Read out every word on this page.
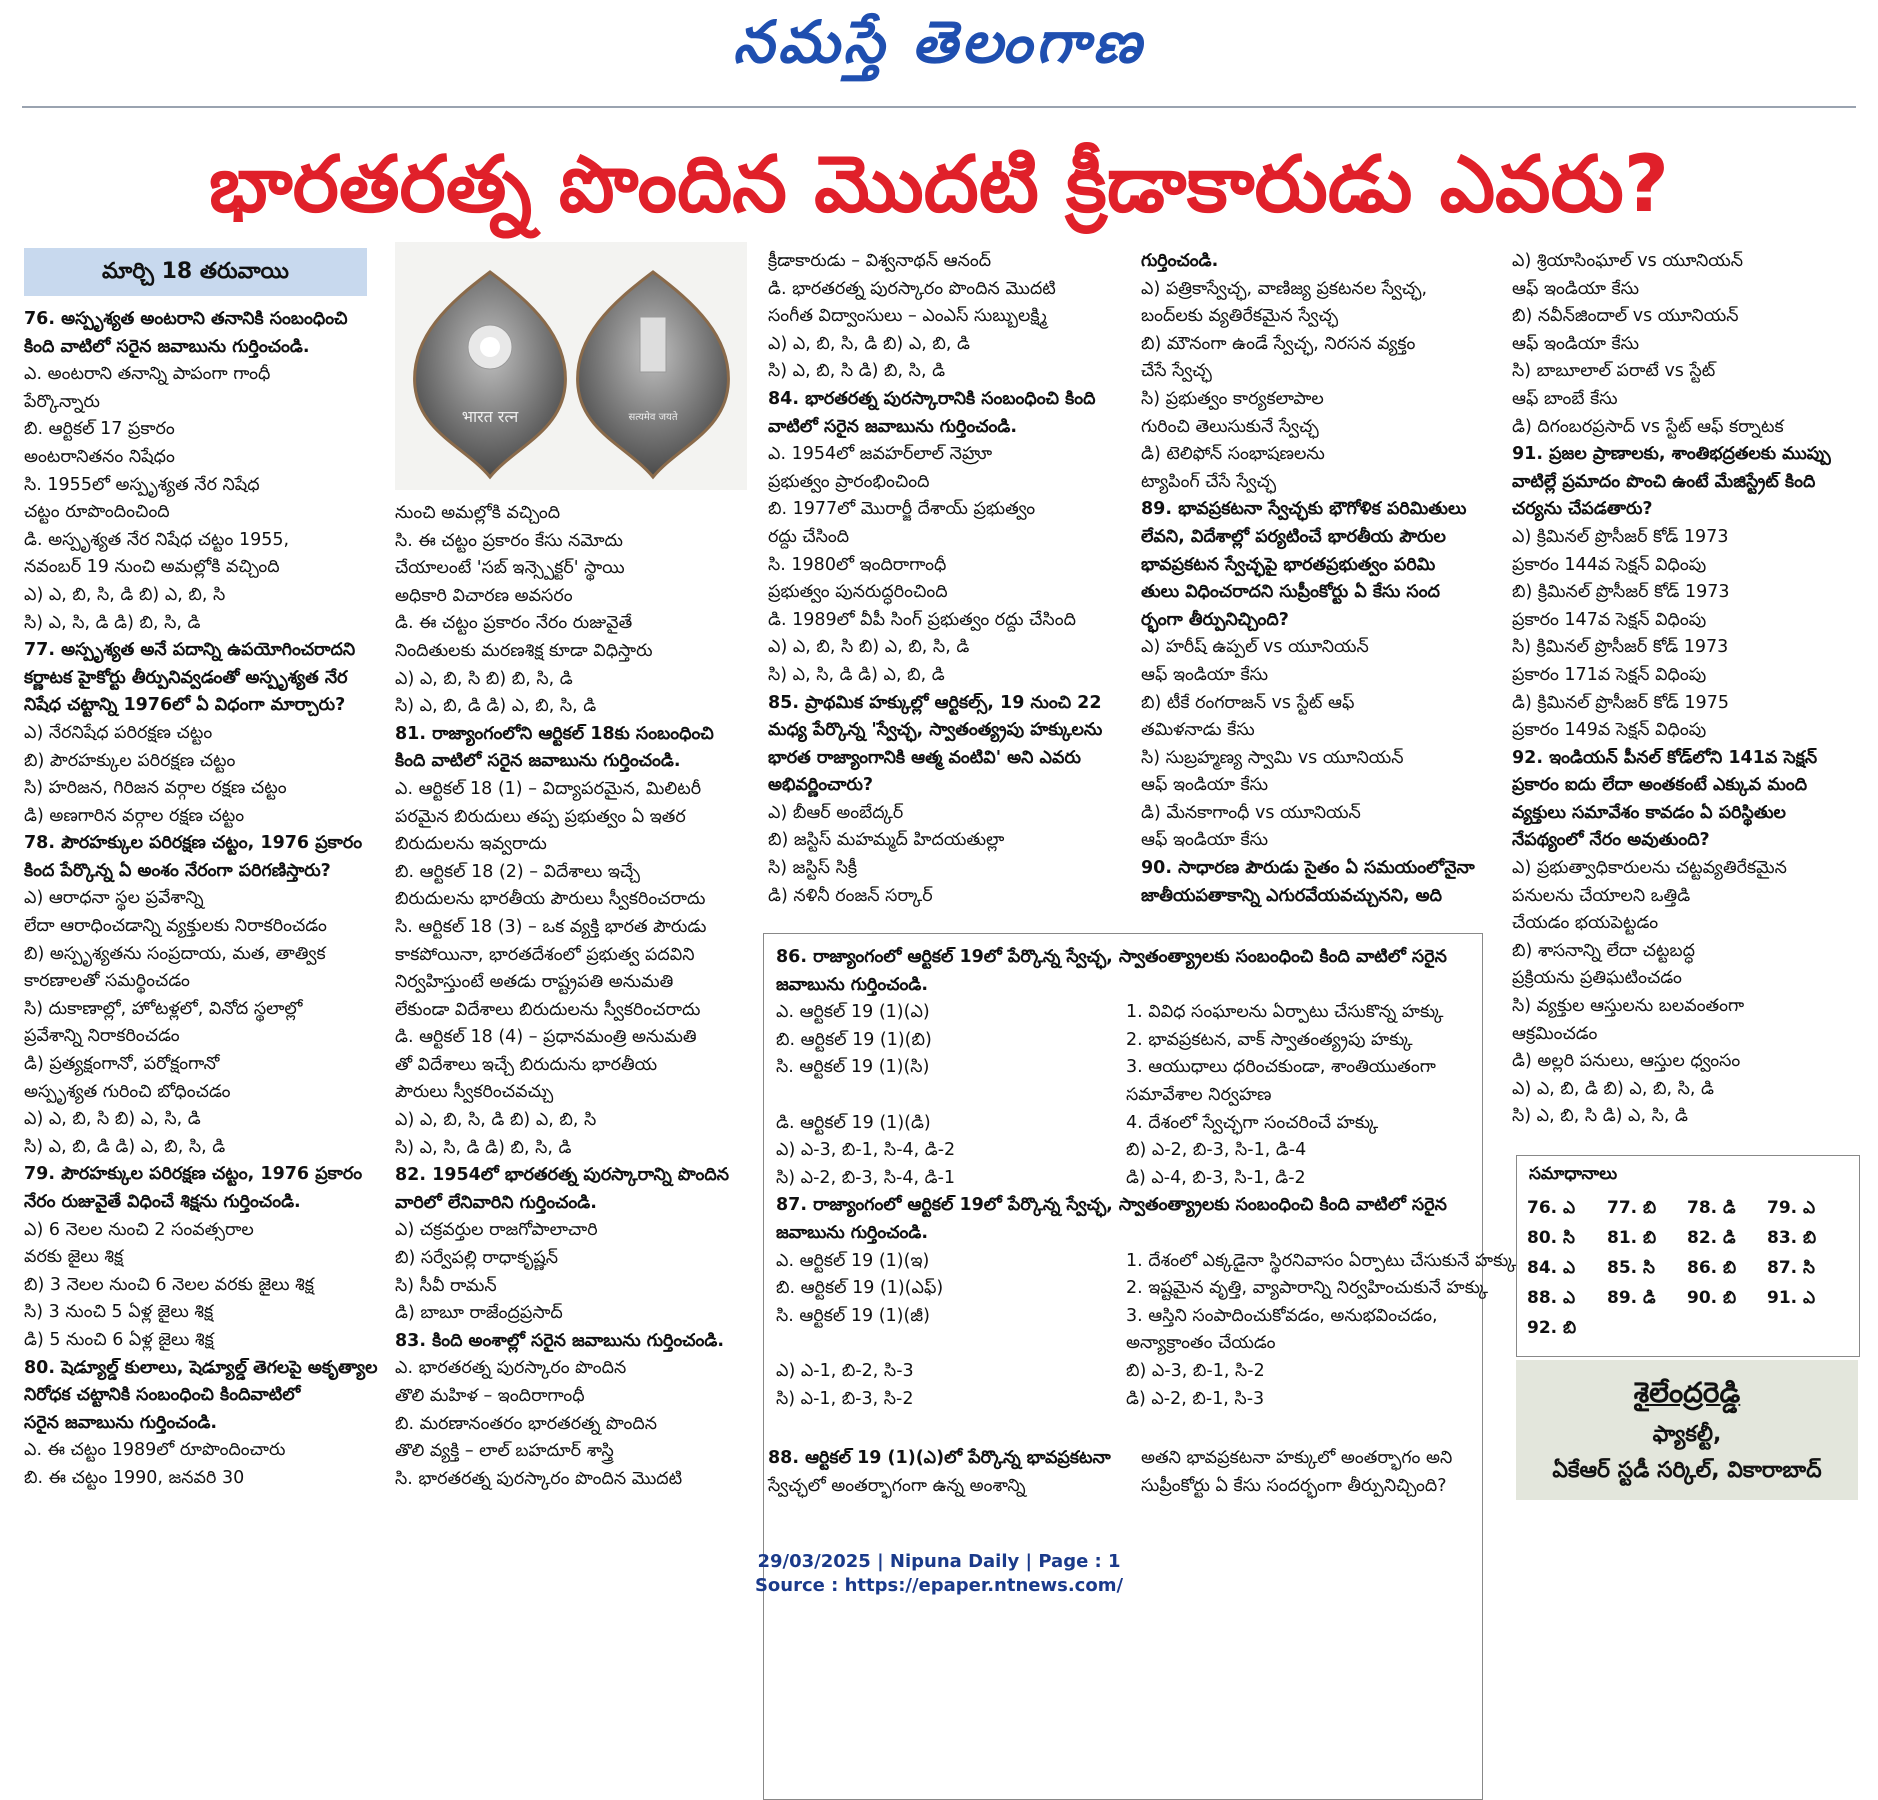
నమస్తే తెలంగాణ
భారతరత్న పొందిన మొదటి క్రీడాకారుడు ఎవరు?
మార్చి 18 తరువాయి
भारत रत्न	सत्यमेव जयते
76. అస్పృశ్యత అంటరాని తనానికి సంబంధించి
కింది వాటిలో సరైన జవాబును గుర్తించండి.
ఎ. అంటరాని తనాన్ని పాపంగా గాంధీ
పేర్కొన్నారు
బి. ఆర్టికల్ 17 ప్రకారం
అంటరానితనం నిషేధం
సి. 1955లో అస్పృశ్యత నేర నిషేధ
చట్టం రూపొందించింది
డి. అస్పృశ్యత నేర నిషేధ చట్టం 1955,
నవంబర్ 19 నుంచి అమల్లోకి వచ్చింది
ఎ) ఎ, బి, సి, డి బి) ఎ, బి, సి
సి) ఎ, సి, డి డి) బి, సి, డి
77. అస్పృశ్యత అనే పదాన్ని ఉపయోగించరాదని
కర్ణాటక హైకోర్టు తీర్పునివ్వడంతో అస్పృశ్యత నేర
నిషేధ చట్టాన్ని 1976లో ఏ విధంగా మార్చారు?
ఎ) నేరనిషేధ పరిరక్షణ చట్టం
బి) పౌరహక్కుల పరిరక్షణ చట్టం
సి) హరిజన, గిరిజన వర్గాల రక్షణ చట్టం
డి) అణగారిన వర్గాల రక్షణ చట్టం
78. పౌరహక్కుల పరిరక్షణ చట్టం, 1976 ప్రకారం
కింద పేర్కొన్న ఏ అంశం నేరంగా పరిగణిస్తారు?
ఎ) ఆరాధనా స్థల ప్రవేశాన్ని
లేదా ఆరాధించడాన్ని వ్యక్తులకు నిరాకరించడం
బి) అస్పృశ్యతను సంప్రదాయ, మత, తాత్విక
కారణాలతో సమర్థించడం
సి) దుకాణాల్లో, హోటళ్లలో, వినోద స్థలాల్లో
ప్రవేశాన్ని నిరాకరించడం
డి) ప్రత్యక్షంగానో, పరోక్షంగానో
అస్పృశ్యత గురించి బోధించడం
ఎ) ఎ, బి, సి బి) ఎ, సి, డి
సి) ఎ, బి, డి డి) ఎ, బి, సి, డి
79. పౌరహక్కుల పరిరక్షణ చట్టం, 1976 ప్రకారం
నేరం రుజువైతే విధించే శిక్షను గుర్తించండి.
ఎ) 6 నెలల నుంచి 2 సంవత్సరాల
వరకు జైలు శిక్ష
బి) 3 నెలల నుంచి 6 నెలల వరకు జైలు శిక్ష
సి) 3 నుంచి 5 ఏళ్ల జైలు శిక్ష
డి) 5 నుంచి 6 ఏళ్ల జైలు శిక్ష
80. షెడ్యూల్డ్ కులాలు, షెడ్యూల్డ్ తెగలపై అకృత్యాల
నిరోధక చట్టానికి సంబంధించి కిందివాటిలో
సరైన జవాబును గుర్తించండి.
ఎ. ఈ చట్టం 1989లో రూపొందించారు
బి. ఈ చట్టం 1990, జనవరి 30
నుంచి అమల్లోకి వచ్చింది
సి. ఈ చట్టం ప్రకారం కేసు నమోదు
చేయాలంటే 'సబ్ ఇన్స్పెక్టర్' స్థాయి
అధికారి విచారణ అవసరం
డి. ఈ చట్టం ప్రకారం నేరం రుజువైతే
నిందితులకు మరణశిక్ష కూడా విధిస్తారు
ఎ) ఎ, బి, సి బి) బి, సి, డి
సి) ఎ, బి, డి డి) ఎ, బి, సి, డి
81. రాజ్యాంగంలోని ఆర్టికల్ 18కు సంబంధించి
కింది వాటిలో సరైన జవాబును గుర్తించండి.
ఎ. ఆర్టికల్ 18 (1) – విద్యాపరమైన, మిలిటరీ
పరమైన బిరుదులు తప్ప ప్రభుత్వం ఏ ఇతర
బిరుదులను ఇవ్వరాదు
బి. ఆర్టికల్ 18 (2) – విదేశాలు ఇచ్చే
బిరుదులను భారతీయ పౌరులు స్వీకరించరాదు
సి. ఆర్టికల్ 18 (3) – ఒక వ్యక్తి భారత పౌరుడు
కాకపోయినా, భారతదేశంలో ప్రభుత్వ పదవిని
నిర్వహిస్తుంటే అతడు రాష్ట్రపతి అనుమతి
లేకుండా విదేశాలు బిరుదులను స్వీకరించరాదు
డి. ఆర్టికల్ 18 (4) – ప్రధానమంత్రి అనుమతి
తో విదేశాలు ఇచ్చే బిరుదును భారతీయ
పౌరులు స్వీకరించవచ్చు
ఎ) ఎ, బి, సి, డి బి) ఎ, బి, సి
సి) ఎ, సి, డి డి) బి, సి, డి
82. 1954లో భారతరత్న పురస్కారాన్ని పొందిన
వారిలో లేనివారిని గుర్తించండి.
ఎ) చక్రవర్తుల రాజగోపాలాచారి
బి) సర్వేపల్లి రాధాకృష్ణన్
సి) సీవీ రామన్
డి) బాబూ రాజేంద్రప్రసాద్
83. కింది అంశాల్లో సరైన జవాబును గుర్తించండి.
ఎ. భారతరత్న పురస్కారం పొందిన
తొలి మహిళ – ఇందిరాగాంధీ
బి. మరణానంతరం భారతరత్న పొందిన
తొలి వ్యక్తి – లాల్ బహదూర్ శాస్త్రి
సి. భారతరత్న పురస్కారం పొందిన మొదటి
క్రీడాకారుడు – విశ్వనాథన్ ఆనంద్
డి. భారతరత్న పురస్కారం పొందిన మొదటి
సంగీత విద్వాంసులు – ఎంఎస్ సుబ్బులక్ష్మి
ఎ) ఎ, బి, సి, డి బి) ఎ, బి, డి
సి) ఎ, బి, సి డి) బి, సి, డి
84. భారతరత్న పురస్కారానికి సంబంధించి కింది
వాటిలో సరైన జవాబును గుర్తించండి.
ఎ. 1954లో జవహర్‌లాల్ నెహ్రూ
ప్రభుత్వం ప్రారంభించింది
బి. 1977లో మొరార్జీ దేశాయ్ ప్రభుత్వం
రద్దు చేసింది
సి. 1980లో ఇందిరాగాంధీ
ప్రభుత్వం పునరుద్ధరించింది
డి. 1989లో వీపీ సింగ్ ప్రభుత్వం రద్దు చేసింది
ఎ) ఎ, బి, సి బి) ఎ, బి, సి, డి
సి) ఎ, సి, డి డి) ఎ, బి, డి
85. ప్రాథమిక హక్కుల్లో ఆర్టికల్స్, 19 నుంచి 22
మధ్య పేర్కొన్న 'స్వేచ్ఛ, స్వాతంత్య్రపు హక్కులను
భారత రాజ్యాంగానికి ఆత్మ వంటివి' అని ఎవరు
అభివర్ణించారు?
ఎ) బీఆర్ అంబేద్కర్
బి) జస్టిస్ మహమ్మద్ హిదయతుల్లా
సి) జస్టిస్ సిక్రీ
డి) నళినీ రంజన్ సర్కార్
గుర్తించండి.
ఎ) పత్రికాస్వేచ్ఛ, వాణిజ్య ప్రకటనల స్వేచ్ఛ,
బంద్‌లకు వ్యతిరేకమైన స్వేచ్ఛ
బి) మౌనంగా ఉండే స్వేచ్ఛ, నిరసన వ్యక్తం
చేసే స్వేచ్ఛ
సి) ప్రభుత్వం కార్యకలాపాల
గురించి తెలుసుకునే స్వేచ్ఛ
డి) టెలిఫోన్ సంభాషణలను
ట్యాపింగ్ చేసే స్వేచ్ఛ
89. భావప్రకటనా స్వేచ్ఛకు భౌగోళిక పరిమితులు
లేవని, విదేశాల్లో పర్యటించే భారతీయ పౌరుల
భావప్రకటన స్వేచ్ఛపై భారతప్రభుత్వం పరిమి
తులు విధించరాదని సుప్రీంకోర్టు ఏ కేసు సంద
ర్భంగా తీర్పునిచ్చింది?
ఎ) హరీష్ ఉప్పల్ vs యూనియన్
ఆఫ్ ఇండియా కేసు
బి) టీకే రంగరాజన్ vs స్టేట్ ఆఫ్
తమిళనాడు కేసు
సి) సుబ్రహ్మణ్య స్వామి vs యూనియన్
ఆఫ్ ఇండియా కేసు
డి) మేనకాగాంధీ vs యూనియన్
ఆఫ్ ఇండియా కేసు
90. సాధారణ పౌరుడు సైతం ఏ సమయంలోనైనా
జాతీయపతాకాన్ని ఎగురవేయవచ్చునని, అది
ఎ) శ్రియాసింఘాల్ vs యూనియన్
ఆఫ్ ఇండియా కేసు
బి) నవీన్‌జిందాల్ vs యూనియన్
ఆఫ్ ఇండియా కేసు
సి) బాబూలాల్ పరాటే vs స్టేట్
ఆఫ్ బాంబే కేసు
డి) దిగంబరప్రసాద్ vs స్టేట్ ఆఫ్ కర్నాటక
91. ప్రజల ప్రాణాలకు, శాంతిభద్రతలకు ముప్పు
వాటిల్లే ప్రమాదం పొంచి ఉంటే మేజిస్ట్రేట్ కింది
చర్యను చేపడతారు?
ఎ) క్రిమినల్ ప్రొసీజర్ కోడ్ 1973
ప్రకారం 144వ సెక్షన్ విధింపు
బి) క్రిమినల్ ప్రొసీజర్ కోడ్ 1973
ప్రకారం 147వ సెక్షన్ విధింపు
సి) క్రిమినల్ ప్రొసీజర్ కోడ్ 1973
ప్రకారం 171వ సెక్షన్ విధింపు
డి) క్రిమినల్ ప్రొసీజర్ కోడ్ 1975
ప్రకారం 149వ సెక్షన్ విధింపు
92. ఇండియన్ పీనల్ కోడ్‌లోని 141వ సెక్షన్
ప్రకారం ఐదు లేదా అంతకంటే ఎక్కువ మంది
వ్యక్తులు సమావేశం కావడం ఏ పరిస్థితుల
నేపథ్యంలో నేరం అవుతుంది?
ఎ) ప్రభుత్వాధికారులను చట్టవ్యతిరేకమైన
పనులను చేయాలని ఒత్తిడి
చేయడం భయపెట్టడం
బి) శాసనాన్ని లేదా చట్టబద్ధ
ప్రక్రియను ప్రతిఘటించడం
సి) వ్యక్తుల ఆస్తులను బలవంతంగా
ఆక్రమించడం
డి) అల్లరి పనులు, ఆస్తుల ధ్వంసం
ఎ) ఎ, బి, డి బి) ఎ, బి, సి, డి
సి) ఎ, బి, సి డి) ఎ, సి, డి
86. రాజ్యాంగంలో ఆర్టికల్ 19లో పేర్కొన్న స్వేచ్ఛ, స్వాతంత్య్రాలకు సంబంధించి కింది వాటిలో సరైన
జవాబును గుర్తించండి.
ఎ. ఆర్టికల్ 19 (1)(ఎ)	1. వివిధ సంఘాలను ఏర్పాటు చేసుకొన్న హక్కు
బి. ఆర్టికల్ 19 (1)(బి)	2. భావప్రకటన, వాక్ స్వాతంత్య్రపు హక్కు
సి. ఆర్టికల్ 19 (1)(సి)	3. ఆయుధాలు ధరించకుండా, శాంతియుతంగా
సమావేశాల నిర్వహణ
డి. ఆర్టికల్ 19 (1)(డి)	4. దేశంలో స్వేచ్ఛగా సంచరించే హక్కు
ఎ) ఎ-3, బి-1, సి-4, డి-2	బి) ఎ-2, బి-3, సి-1, డి-4
సి) ఎ-2, బి-3, సి-4, డి-1	డి) ఎ-4, బి-3, సి-1, డి-2
87. రాజ్యాంగంలో ఆర్టికల్ 19లో పేర్కొన్న స్వేచ్ఛ, స్వాతంత్య్రాలకు సంబంధించి కింది వాటిలో సరైన
జవాబును గుర్తించండి.
ఎ. ఆర్టికల్ 19 (1)(ఇ)	1. దేశంలో ఎక్కడైనా స్థిరనివాసం ఏర్పాటు చేసుకునే హక్కు
బి. ఆర్టికల్ 19 (1)(ఎఫ్)	2. ఇష్టమైన వృత్తి, వ్యాపారాన్ని నిర్వహించుకునే హక్కు
సి. ఆర్టికల్ 19 (1)(జీ)	3. ఆస్తిని సంపాదించుకోవడం, అనుభవించడం,
అన్యాక్రాంతం చేయడం
ఎ) ఎ-1, బి-2, సి-3	బి) ఎ-3, బి-1, సి-2
సి) ఎ-1, బి-3, సి-2	డి) ఎ-2, బి-1, సి-3
88. ఆర్టికల్ 19 (1)(ఎ)లో పేర్కొన్న భావప్రకటనా
స్వేచ్ఛలో అంతర్భాగంగా ఉన్న అంశాన్ని
అతని భావప్రకటనా హక్కులో అంతర్భాగం అని
సుప్రీంకోర్టు ఏ కేసు సందర్భంగా తీర్పునిచ్చింది?
సమాధానాలు
76. ఎ	77. బి	78. డి	79. ఎ
80. సి	81. బి	82. డి	83. బి
84. ఎ	85. సి	86. బి	87. సి
88. ఎ	89. డి	90. బి	91. ఎ
92. బి
శైలేంద్రరెడ్డి
ఫ్యాకల్టీ,
ఏకేఆర్ స్టడీ సర్కిల్, వికారాబాద్
29/03/2025 | Nipuna Daily | Page : 1
Source : https://epaper.ntnews.com/
